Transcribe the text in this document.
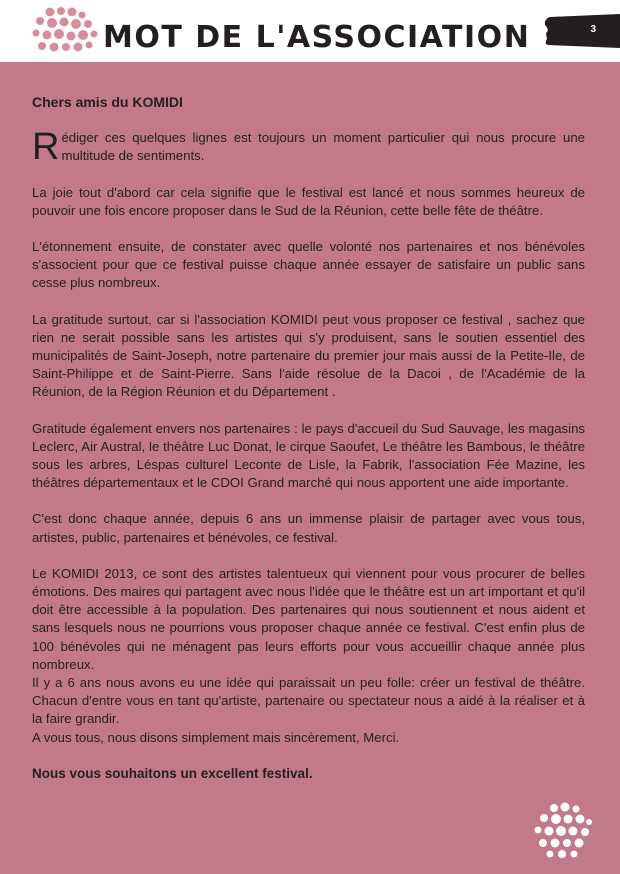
MOT DE L'ASSOCIATION	3
Chers amis du KOMIDI

Rédiger ces quelques lignes est toujours un moment particulier qui nous procure une multitude de sentiments.

La joie tout d'abord car cela signifie que le festival est lancé et nous sommes heureux de pouvoir une fois encore proposer dans le Sud de la Réunion, cette belle fête de théâtre.

L'étonnement ensuite, de constater avec quelle volonté nos partenaires et nos bénévoles s'associent pour que ce festival puisse chaque année essayer de satisfaire un public sans cesse plus nombreux.

La gratitude surtout, car si l'association KOMIDI peut vous proposer ce festival , sachez que rien ne serait possible sans les artistes qui s'y produisent, sans le soutien essentiel des municipalités de Saint-Joseph, notre partenaire du premier jour mais aussi de la Petite-Ile, de Saint-Philippe et de Saint-Pierre. Sans l'aide résolue de la Dacoi , de l'Académie de la Réunion, de la Région Réunion et du Département .

Gratitude également envers nos partenaires : le pays d'accueil du Sud Sauvage, les magasins Leclerc, Air Austral, le théâtre Luc Donat, le cirque Saoufet, Le théâtre les Bambous, le théâtre sous les arbres, Léspas culturel Leconte de Lisle, la Fabrik, l'association Fée Mazine, les théâtres départementaux et le CDOI Grand marché qui nous apportent une aide importante.

C'est donc chaque année, depuis 6 ans un immense plaisir de partager avec vous tous, artistes, public, partenaires et bénévoles, ce festival.

Le KOMIDI 2013, ce sont des artistes talentueux qui viennent pour vous procurer de belles émotions. Des maires qui partagent avec nous l'idée que le théâtre est un art important et qu'il doit être accessible à la population. Des partenaires qui nous soutiennent et nous aident et sans lesquels nous ne pourrions vous proposer chaque année ce festival. C'est enfin plus de 100 bénévoles qui ne ménagent pas leurs efforts pour vous accueillir chaque année plus nombreux.

Il y a 6 ans nous avons eu une idée qui paraissait un peu folle: créer un festival de théâtre. Chacun d'entre vous en tant qu'artiste, partenaire ou spectateur nous a aidé à la réaliser et à la faire grandir.

A vous tous, nous disons simplement mais sincèrement, Merci.

Nous vous souhaitons un excellent festival.
